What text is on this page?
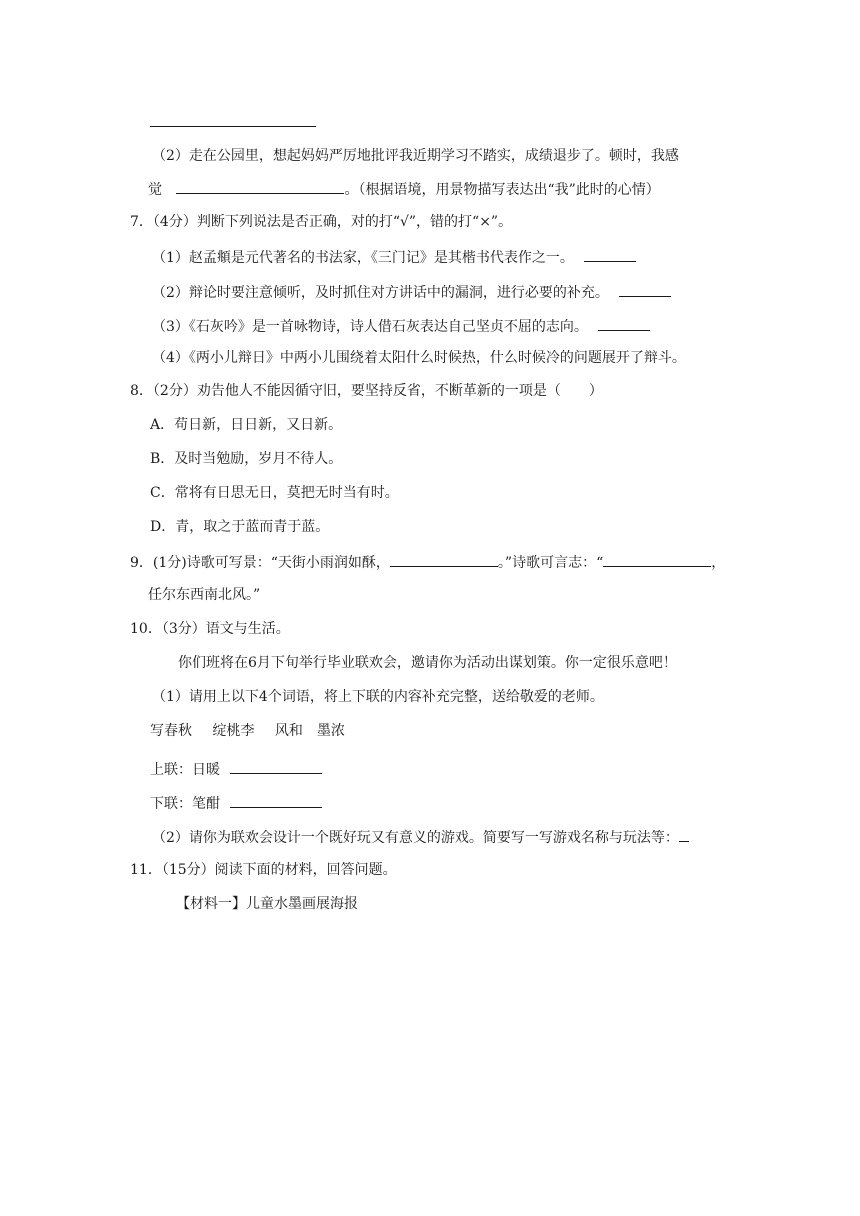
（2）走在公园里，想起妈妈严厉地批评我近期学习不踏实，成绩退步了。顿时，我感
觉	。（根据语境，用景物描写表达出“我”此时的心情）
7．（4分）判断下列说法是否正确，对的打“√”，错的打“×”。
（1）赵孟頫是元代著名的书法家，《三门记》是其楷书代表作之一。
（2）辩论时要注意倾听，及时抓住对方讲话中的漏洞，进行必要的补充。
（3）《石灰吟》是一首咏物诗，诗人借石灰表达自己坚贞不屈的志向。
（4）《两小儿辩日》中两小儿围绕着太阳什么时候热，什么时候冷的问题展开了辩斗。
8．（2分）劝告他人不能因循守旧，要坚持反省，不断革新的一项是（　　）
A．苟日新，日日新，又日新。
B．及时当勉励，岁月不待人。
C．常将有日思无日，莫把无时当有时。
D．青，取之于蓝而青于蓝。
9．(1分)诗歌可写景：“天街小雨润如酥，	。”诗歌可言志：“	，
任尔东西南北风。”
10．（3分）语文与生活。
你们班将在6月下旬举行毕业联欢会，邀请你为活动出谋划策。你一定很乐意吧！
（1）请用上以下4个词语，将上下联的内容补充完整，送给敬爱的老师。
写春秋　 绽桃李　 风和　墨浓
上联：日暖
下联：笔酣
（2）请你为联欢会设计一个既好玩又有意义的游戏。简要写一写游戏名称与玩法等：
11．（15分）阅读下面的材料，回答问题。
【材料一】儿童水墨画展海报
